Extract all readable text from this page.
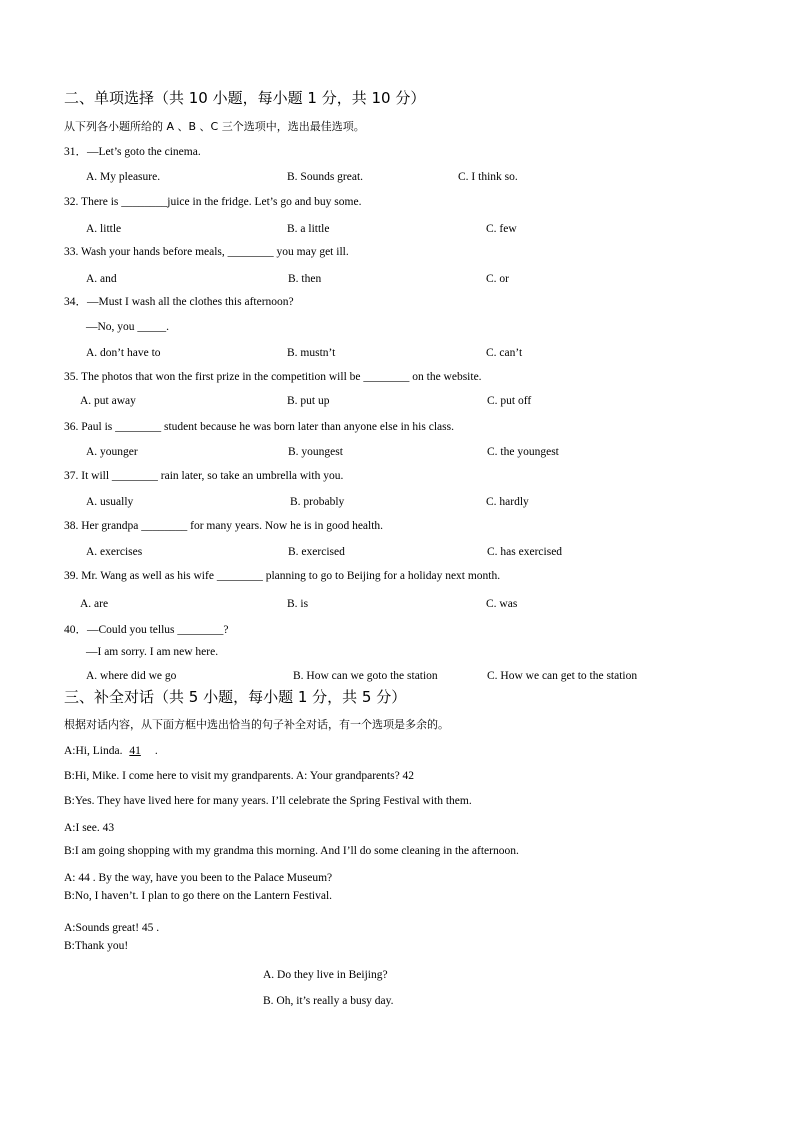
二、单项选择（共 10 小题，每小题 1 分，共 10 分）
从下列各小题所给的 A 、B 、C 三个选项中，选出最佳选项。
31．—Let’s goto the cinema.
A. My pleasure.	B. Sounds great.	C. I think so.
32. There is ________juice in the fridge. Let’s go and buy some.
A. little	B. a little	C. few
33. Wash your hands before meals, ________ you may get ill.
A. and	B. then	C. or
34．—Must I wash all the clothes this afternoon?
—No, you _____.
A. don’t have to	B. mustn’t	C. can’t
35. The photos that won the first prize in the competition will be ________ on the website.
A. put away	B. put up	C. put off
36. Paul is ________ student because he was born later than anyone else in his class.
A. younger	B. youngest	C. the youngest
37. It will ________ rain later, so take an umbrella with you.
A. usually	B. probably	C. hardly
38. Her grandpa ________ for many years. Now he is in good health.
A. exercises	B. exercised	C. has exercised
39. Mr. Wang as well as his wife ________ planning to go to Beijing for a holiday next month.
A. are	B. is	C. was
40．—Could you tellus ________?
—I am sorry. I am new here.
A. where did we go	B. How can we goto the station	C. How we can get to the station
三、补全对话（共 5 小题，每小题 1 分，共 5 分）
根据对话内容，从下面方框中选出恰当的句子补全对话，有一个选项是多余的。
A:Hi, Linda. 41 .
B:Hi, Mike. I come here to visit my grandparents. A: Your grandparents? 42
B:Yes. They have lived here for many years. I’ll celebrate the Spring Festival with them.
A:I see. 43
B:I am going shopping with my grandma this morning. And I’ll do some cleaning in the afternoon.
A: 44 . By the way, have you been to the Palace Museum?
B:No, I haven’t. I plan to go there on the Lantern Festival.
A:Sounds great! 45 .
B:Thank you!
A. Do they live in Beijing?
B. Oh, it’s really a busy day.
